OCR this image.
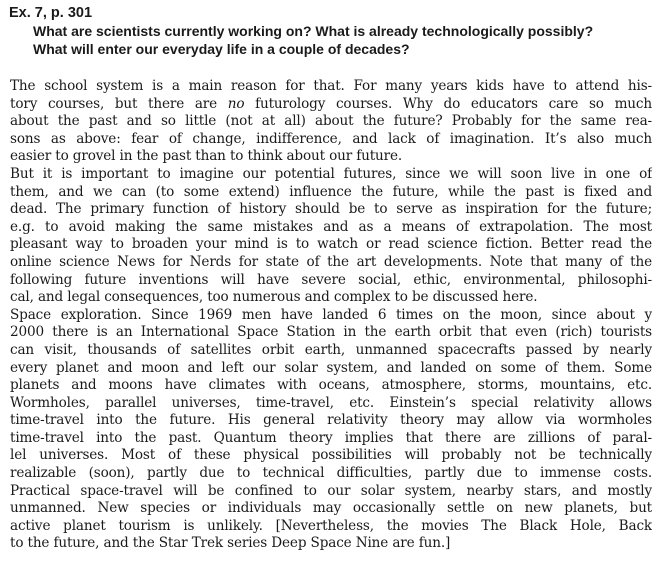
Ex. 7, p. 301
What are scientists currently working on? What is already technologically possibly?
What will enter our everyday life in a couple of decades?
The school system is a main reason for that. For many years kids have to attend his-
tory courses, but there are no futurology courses. Why do educators care so much
about the past and so little (not at all) about the future? Probably for the same rea-
sons as above: fear of change, indifference, and lack of imagination. It’s also much
easier to grovel in the past than to think about our future.
But it is important to imagine our potential futures, since we will soon live in one of
them, and we can (to some extend) influence the future, while the past is fixed and
dead. The primary function of history should be to serve as inspiration for the future;
e.g. to avoid making the same mistakes and as a means of extrapolation. The most
pleasant way to broaden your mind is to watch or read science fiction. Better read the
online science News for Nerds for state of the art developments. Note that many of the
following future inventions will have severe social, ethic, environmental, philosophi-
cal, and legal consequences, too numerous and complex to be discussed here.
Space exploration. Since 1969 men have landed 6 times on the moon, since about y
2000 there is an International Space Station in the earth orbit that even (rich) tourists
can visit, thousands of satellites orbit earth, unmanned spacecrafts passed by nearly
every planet and moon and left our solar system, and landed on some of them. Some
planets and moons have climates with oceans, atmosphere, storms, mountains, etc.
Wormholes, parallel universes, time-travel, etc. Einstein’s special relativity allows
time-travel into the future. His general relativity theory may allow via wormholes
time-travel into the past. Quantum theory implies that there are zillions of paral-
lel universes. Most of these physical possibilities will probably not be technically
realizable (soon), partly due to technical difficulties, partly due to immense costs.
Practical space-travel will be confined to our solar system, nearby stars, and mostly
unmanned. New species or individuals may occasionally settle on new planets, but
active planet tourism is unlikely. [Nevertheless, the movies The Black Hole, Back
to the future, and the Star Trek series Deep Space Nine are fun.]
